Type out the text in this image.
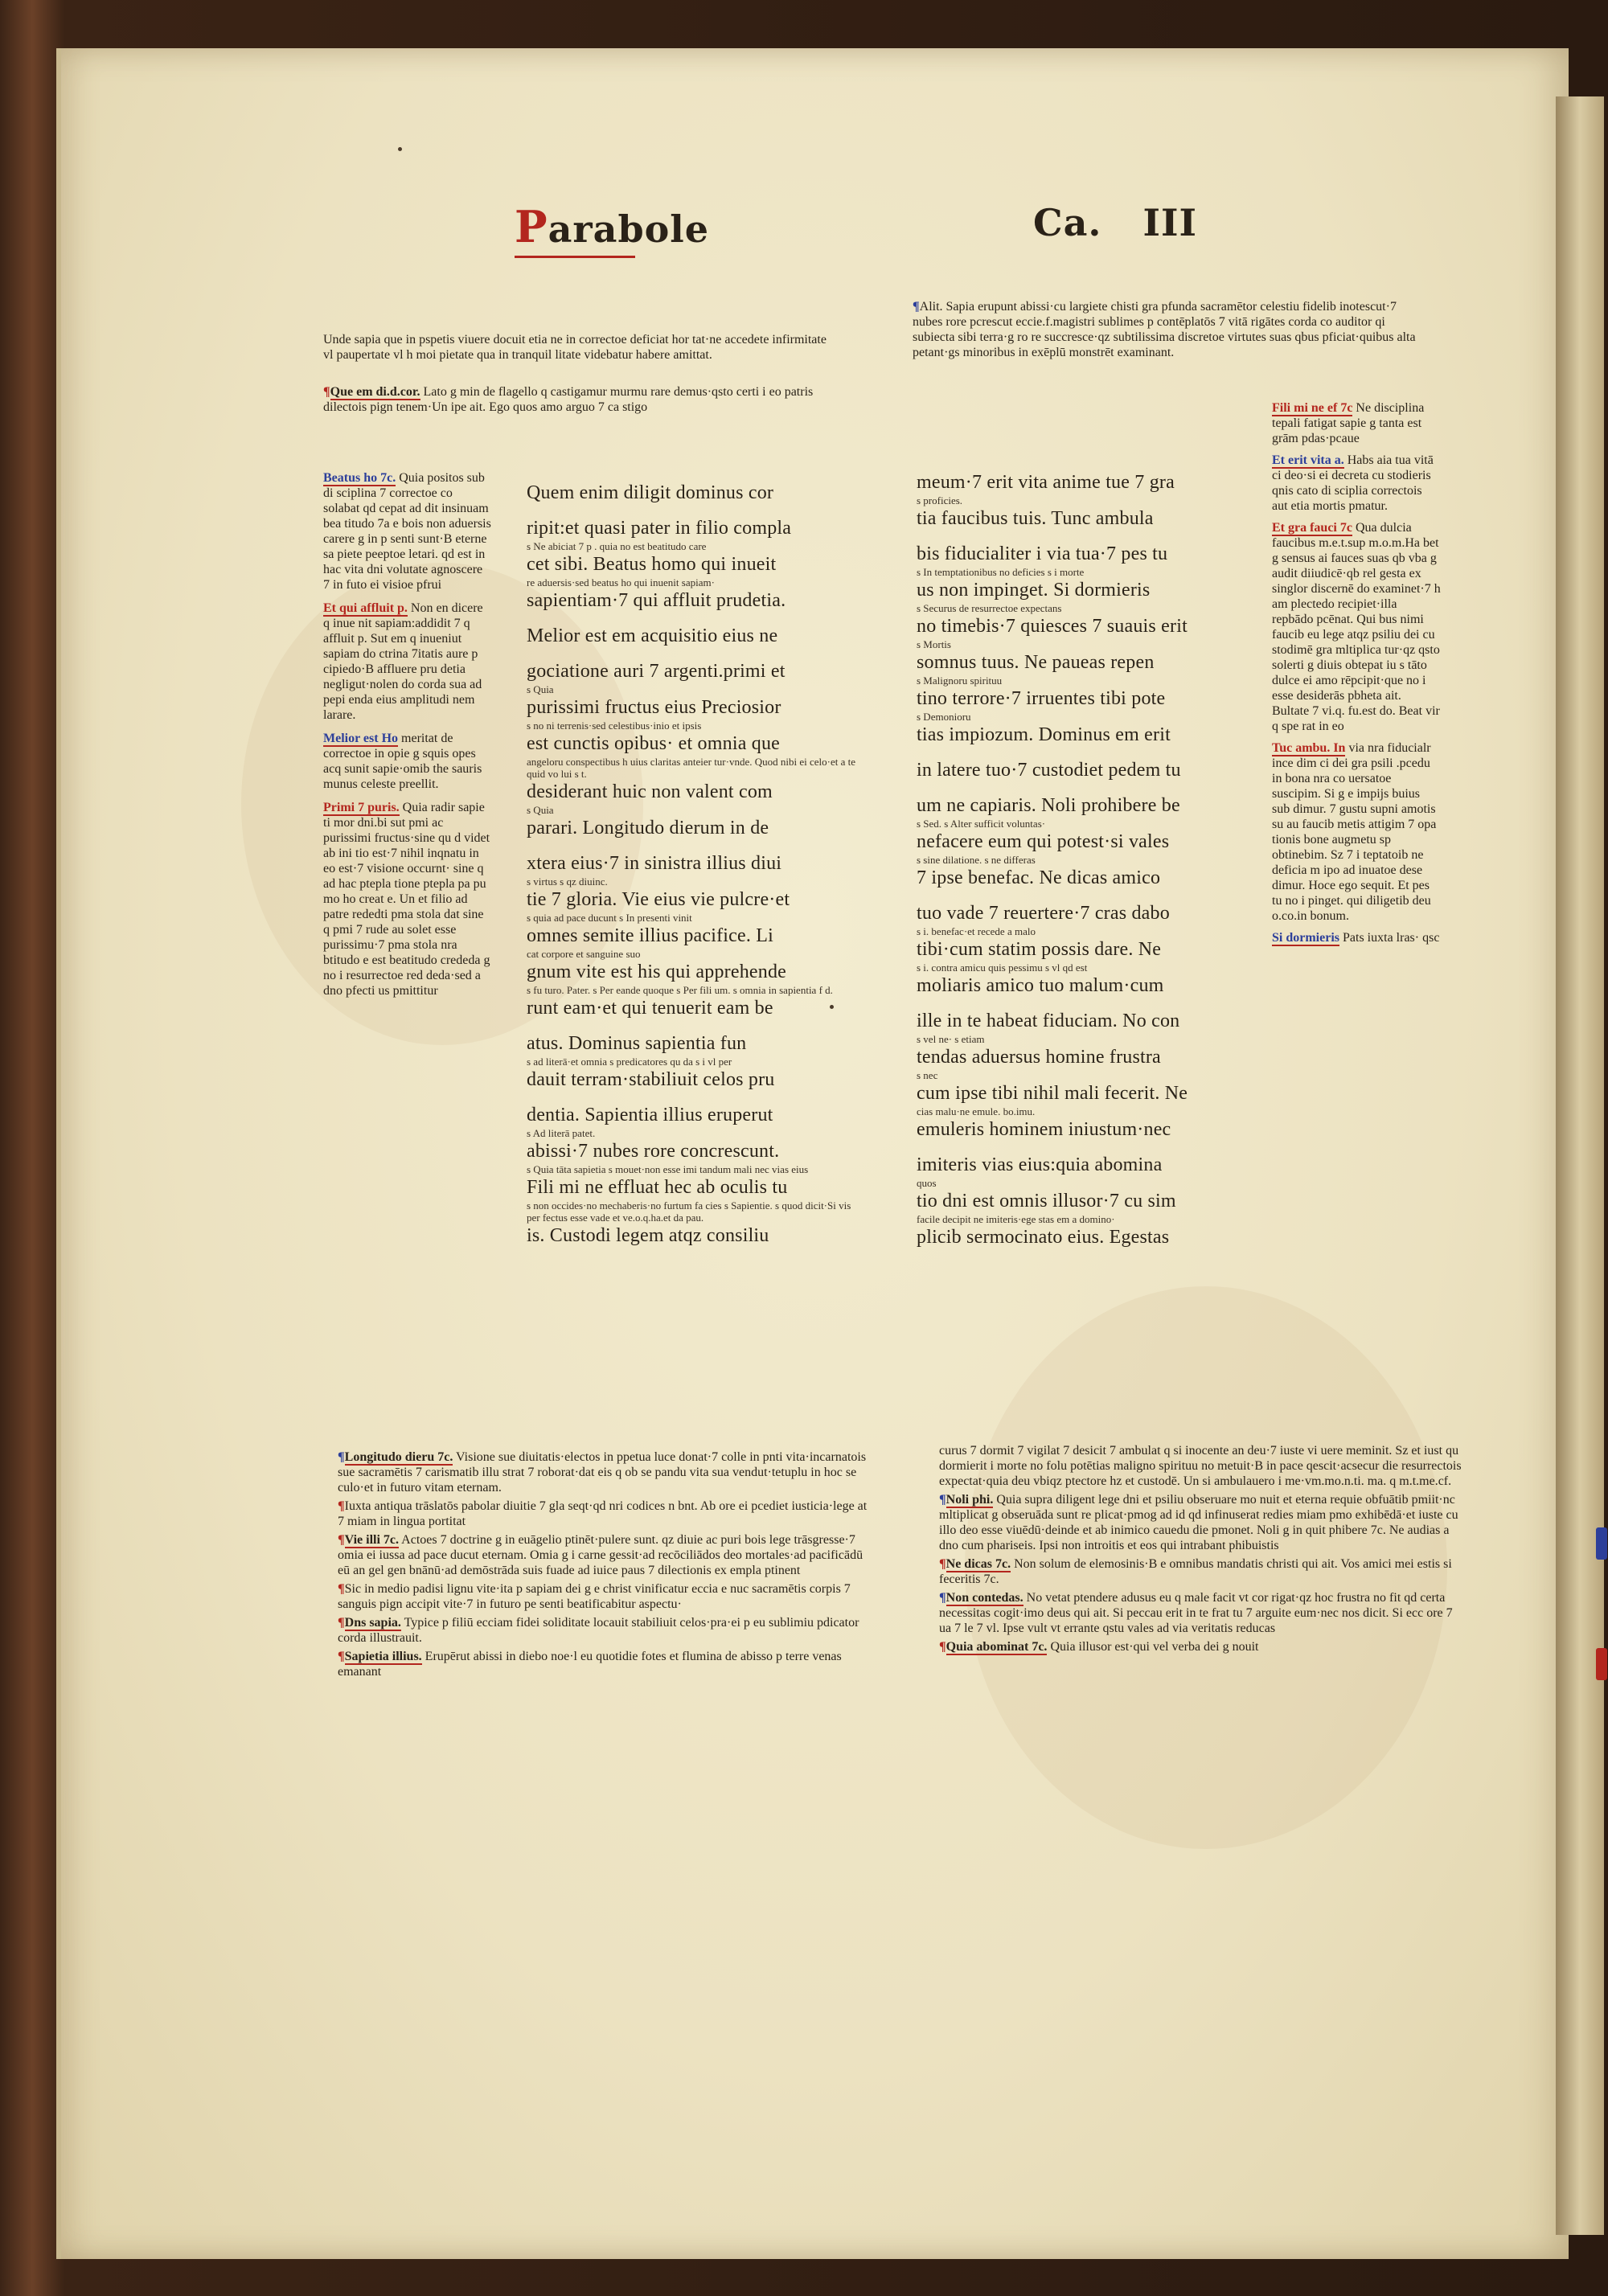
Parabole	Ca. III

Unde sapia que in pspetis viuere docuit etia ne in correctoe deficiat hor tat·ne accedete infirmitate vl paupertate vl h moi pietate qua in tranquil litate videbatur habere amittat.

¶Que em di.d.cor. Lato g min de flagello q castigamur murmu rare demus·qsto certi i eo patris dilectois pign tenem·Un ipe ait. Ego quos amo arguo 7 ca stigo

Beatus ho 7c. Quia positos sub di sciplina 7 correctoe co solabat qd cepat ad dit insinuam bea titudo 7a e bois non aduersis carere g in p senti sunt·B eterne sa piete peeptoe letari. qd est in hac vita dni volutate agnoscere 7 in futo ei visioe pfrui

Et qui affluit p. Non en dicere q inue nit sapiam:addidit 7 q affluit p. Sut em q inueniut sapiam do ctrina 7itatis aure p cipiedo·B affluere pru detia negligut·nolen do corda sua ad pepi enda eius amplitudi nem larare.

Melior est Ho meritat de correctoe in opie g squis opes acq sunit sapie·omib the sauris munus celeste preellit.

Primi 7 puris. Quia radir sapie ti mor dni.bi sut pmi ac purissimi fructus·sine qu d videt ab ini tio est·7 nihil inqnatu in eo est·7 visione occurnt· sine q ad hac ptepla tione ptepla pa pu mo ho creat e. Un et filio ad patre rededti pma stola dat sine q pmi 7 rude au solet esse purissimu·7 pma stola nra btitudo e est beatitudo crededa g no i resurrectoe red deda·sed a dno pfecti us pmittitur

Quem enim diligit dominus cor
ripit:et quasi pater in filio compla
s Ne abiciat 7 p . quia no est beatitudo care
cet sibi. Beatus homo qui inueit
re aduersis·sed beatus ho qui inuenit sapiam·
sapientiam·7 qui affluit prudetia.
Melior est em acquisitio eius ne
gociatione auri 7 argenti.primi et
s Quia
purissimi fructus eius Preciosior
s no ni terrenis·sed celestibus·inio et ipsis
est cunctis opibus· et omnia que
angeloru conspectibus h uius claritas anteier tur·vnde. Quod nibi ei celo·et a te quid vo lui s t.
desiderant huic non valent com
s Quia
parari. Longitudo dierum in de
xtera eius·7 in sinistra illius diui
s virtus s qz diuinc.
tie 7 gloria. Vie eius vie pulcre·et
s quia ad pace ducunt s In presenti vinit
omnes semite illius pacifice. Li
cat corpore et sanguine suo
gnum vite est his qui apprehende
s fu turo. Pater. s Per eande quoque s Per fili um. s omnia in sapientia f d.
runt eam·et qui tenuerit eam be
atus. Dominus sapientia fun
s ad literā·et omnia s predicatores qu da s i vl per
dauit terram·stabiliuit celos pru
dentia. Sapientia illius eruperut
s Ad literā patet.
abissi·7 nubes rore concrescunt.
s Quia tāta sapietia s mouet·non esse imi tandum mali nec vias eius
Fili mi ne effluat hec ab oculis tu
s non occides·no mechaberis·no furtum fa cies s Sapientie. s quod dicit·Si vis per fectus esse vade et ve.o.q.ha.et da pau.
is. Custodi legem atqz consiliu

¶Alit. Sapia erupunt abissi·cu largiete chisti gra pfunda sacramētor celestiu fidelib inotescut·7 nubes rore pcrescut eccie.f.magistri sublimes p contēplatōs 7 vitā rigātes corda co auditor qi subiecta sibi terra·g ro re succresce·qz subtilissima discretoe virtutes suas qbus pficiat·quibus alta petant·gs minoribus in exēplū monstrēt examinant.

meum·7 erit vita anime tue 7 gra
s proficies.
tia faucibus tuis. Tunc ambula
bis fiducialiter i via tua·7 pes tu
s In temptationibus no deficies s i morte
us non impinget. Si dormieris
s Securus de resurrectoe expectans
no timebis·7 quiesces 7 suauis erit
s Mortis
somnus tuus. Ne paueas repen
s Malignoru spirituu
tino terrore·7 irruentes tibi pote
s Demonioru
tias impiozum. Dominus em erit
in latere tuo·7 custodiet pedem tu
um ne capiaris. Noli prohibere be
s Sed. s Alter sufficit voluntas·
nefacere eum qui potest·si vales
s sine dilatione. s ne differas
7 ipse benefac. Ne dicas amico
tuo vade 7 reuertere·7 cras dabo
s i. benefac·et recede a malo
tibi·cum statim possis dare. Ne
s i. contra amicu quis pessimu s vl qd est
moliaris amico tuo malum·cum
ille in te habeat fiduciam. No con
s vel ne· s etiam
tendas aduersus homine frustra
s nec
cum ipse tibi nihil mali fecerit. Ne
cias malu·ne emule. bo.imu.
emuleris hominem iniustum·nec
imiteris vias eius:quia abomina
quos
tio dni est omnis illusor·7 cu sim
facile decipit ne imiteris·ege stas em a domino·
plicib sermocinato eius. Egestas

Fili mi ne ef 7c Ne disciplina tepali fatigat sapie g tanta est grām pdas·pcaue

Et erit vita a. Habs aia tua vitā ci deo·si ei decreta cu stodieris qnis cato di sciplia correctois aut etia mortis pmatur.

Et gra fauci 7c Qua dulcia faucibus m.e.t.sup m.o.m.Ha bet g sensus ai fauces suas qb vba g audit diiudicē·qb rel gesta ex singlor discernē do examinet·7 h am plectedo recipiet·illa repbādo pcēnat. Qui bus nimi faucib eu lege atqz psiliu dei cu stodimē gra mltiplica tur·qz qsto solerti g diuis obtepat iu s tāto dulce ei amo rēpcipit·que no i esse desiderās pbheta ait. Bultate 7 vi.q. fu.est do. Beat vir q spe rat in eo

Tuc ambu. In via nra fiducialr ince dim ci dei gra psili .pcedu in bona nra co uersatoe suscipim. Si g e impijs buius sub dimur. 7 gustu supni amotis su au faucib metis attigim 7 opa tionis bone augmetu sp obtinebim. Sz 7 i teptatoib ne deficia m ipo ad inuatoe dese dimur. Hoce ego sequit. Et pes tu no i pinget. qui diligetib deu o.co.in bonum.

Si dormieris Pats iuxta lras· qsc

¶Longitudo dieru 7c. Visione sue diuitatis·electos in ppetua luce donat·7 colle in pnti vita·incarnatois sue sacramētis 7 carismatib illu strat 7 roborat·dat eis q ob se pandu vita sua vendut·tetuplu in hoc se culo·et in futuro vitam eternam.

¶Iuxta antiqua trāslatōs pabolar diuitie 7 gla seqt·qd nri codices n bnt. Ab ore ei pcediet iusticia·lege at 7 miam in lingua portitat

¶Vie illi 7c. Actoes 7 doctrine g in euāgelio ptinēt·pulere sunt. qz diuie ac puri bois lege trāsgresse·7 omia ei iussa ad pace ducut eternam. Omia g i carne gessit·ad recōciliādos deo mortales·ad pacificādū eū an gel gen bnānū·ad demōstrāda suis fuade ad iuice paus 7 dilectionis ex empla ptinent

¶Sic in medio padisi lignu vite·ita p sapiam dei g e christ vinificatur eccia e nuc sacramētis corpis 7 sanguis pign accipit vite·7 in futuro pe senti beatificabitur aspectu·

¶Dns sapia. Typice p filiū ecciam fidei soliditate locauit stabiliuit celos·pra·ei p eu sublimiu pdicator corda illustrauit.

¶Sapietia illius. Erupērut abissi in diebo noe·l eu quotidie fotes et flumina de abisso p terre venas emanant

curus 7 dormit 7 vigilat 7 desicit 7 ambulat q si inocente an deu·7 iuste vi uere meminit. Sz et iust qu dormierit i morte no folu potētias maligno spirituu no metuit·B in pace qescit·acsecur die resurrectois expectat·quia deu vbiqz ptectore hz et custodē. Un si ambulauero i me·vm.mo.n.ti. ma. q m.t.me.cf.

¶Noli phi. Quia supra diligent lege dni et psiliu obseruare mo nuit et eterna requie obfuātib pmiit·nc mltiplicat g obseruāda sunt re plicat·pmog ad id qd infinuserat redies miam pmo exhibēdā·et iuste cu illo deo esse viuēdū·deinde et ab inimico cauedu die pmonet. Noli g in quit phibere 7c. Ne audias a dno cum phariseis. Ipsi non introitis et eos qui intrabant phibuistis

¶Ne dicas 7c. Non solum de elemosinis·B e omnibus mandatis christi qui ait. Vos amici mei estis si feceritis 7c.

¶Non contedas. No vetat ptendere adusus eu q male facit vt cor rigat·qz hoc frustra no fit qd certa necessitas cogit·imo deus qui ait. Si peccau erit in te frat tu 7 arguite eum·nec nos dicit. Si ecc ore 7 ua 7 le 7 vl. Ipse vult vt errante qstu vales ad via veritatis reducas

¶Quia abominat 7c. Quia illusor est·qui vel verba dei g nouit
